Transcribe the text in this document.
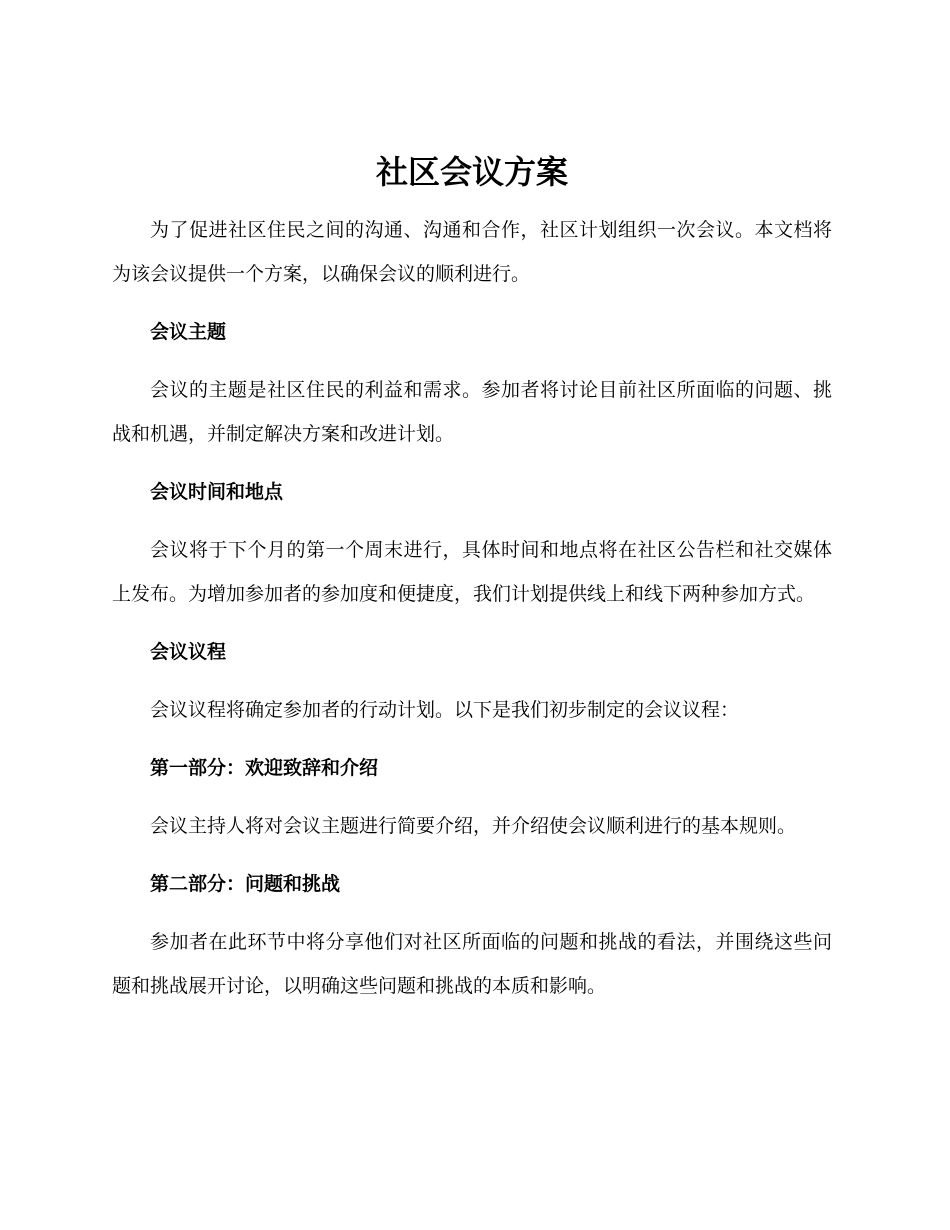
社区会议方案

为了促进社区住民之间的沟通、沟通和合作，社区计划组织一次会议。本文档将为该会议提供一个方案，以确保会议的顺利进行。

会议主题

会议的主题是社区住民的利益和需求。参加者将讨论目前社区所面临的问题、挑战和机遇，并制定解决方案和改进计划。

会议时间和地点

会议将于下个月的第一个周末进行，具体时间和地点将在社区公告栏和社交媒体上发布。为增加参加者的参加度和便捷度，我们计划提供线上和线下两种参加方式。

会议议程

会议议程将确定参加者的行动计划。以下是我们初步制定的会议议程：

第一部分：欢迎致辞和介绍

会议主持人将对会议主题进行简要介绍，并介绍使会议顺利进行的基本规则。

第二部分：问题和挑战

参加者在此环节中将分享他们对社区所面临的问题和挑战的看法，并围绕这些问题和挑战展开讨论，以明确这些问题和挑战的本质和影响。
